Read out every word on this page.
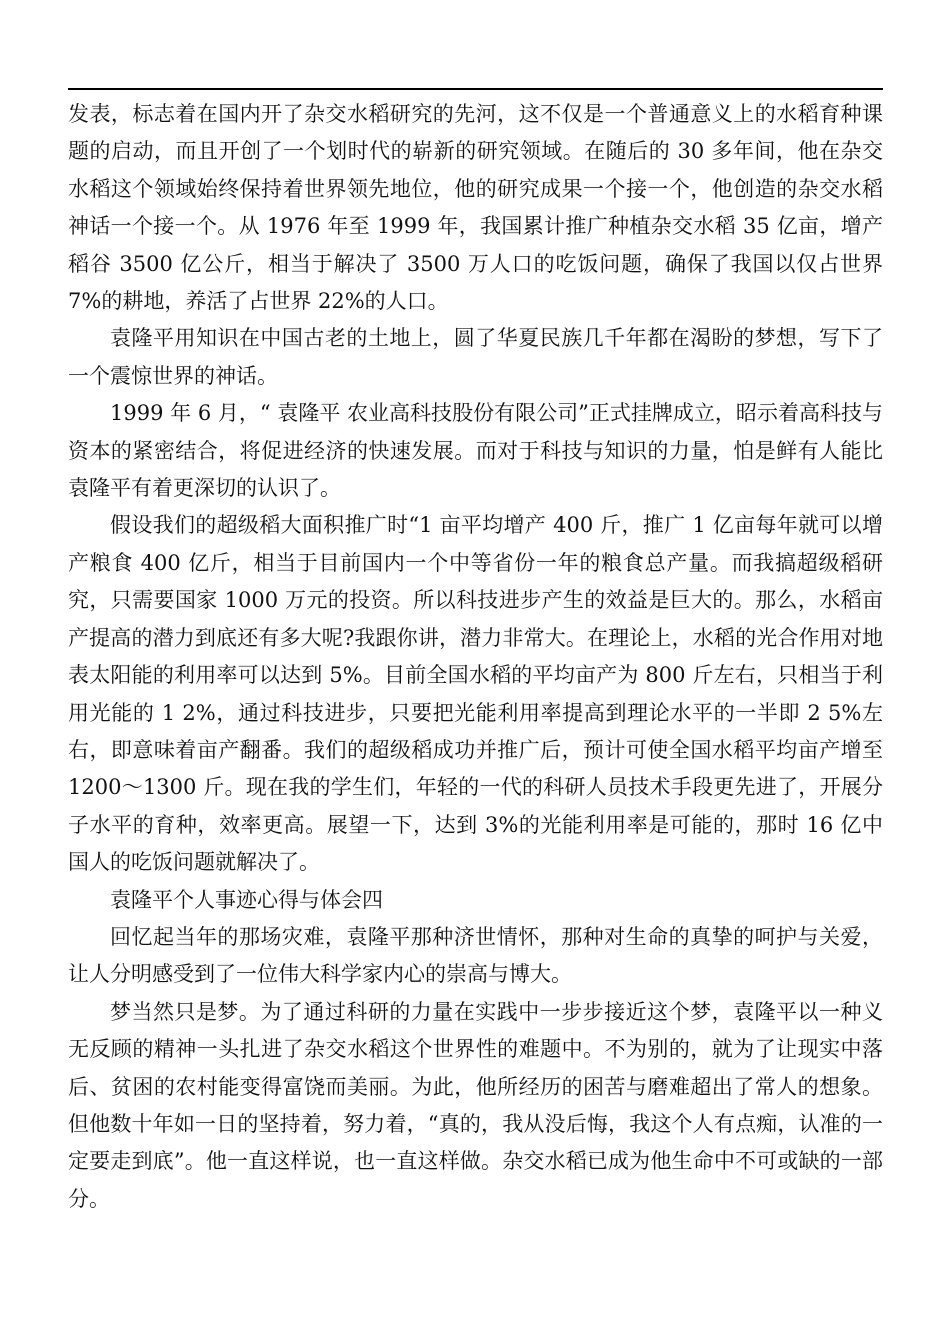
发表，标志着在国内开了杂交水稻研究的先河，这不仅是一个普通意义上的水稻育种课题的启动，而且开创了一个划时代的崭新的研究领域。在随后的 30 多年间，他在杂交水稻这个领域始终保持着世界领先地位，他的研究成果一个接一个，他创造的杂交水稻神话一个接一个。从 1976 年至 1999 年，我国累计推广种植杂交水稻 35 亿亩，增产稻谷 3500 亿公斤，相当于解决了 3500 万人口的吃饭问题，确保了我国以仅占世界 7%的耕地，养活了占世界 22%的人口。

袁隆平用知识在中国古老的土地上，圆了华夏民族几千年都在渴盼的梦想，写下了一个震惊世界的神话。

1999 年 6 月，“ 袁隆平 农业高科技股份有限公司”正式挂牌成立，昭示着高科技与资本的紧密结合，将促进经济的快速发展。而对于科技与知识的力量，怕是鲜有人能比袁隆平有着更深切的认识了。

假设我们的超级稻大面积推广时“1 亩平均增产 400 斤，推广 1 亿亩每年就可以增产粮食 400 亿斤，相当于目前国内一个中等省份一年的粮食总产量。而我搞超级稻研究，只需要国家 1000 万元的投资。所以科技进步产生的效益是巨大的。那么，水稻亩产提高的潜力到底还有多大呢?我跟你讲，潜力非常大。在理论上，水稻的光合作用对地表太阳能的利用率可以达到 5%。目前全国水稻的平均亩产为 800 斤左右，只相当于利用光能的 1 2%，通过科技进步，只要把光能利用率提高到理论水平的一半即 2 5%左右，即意味着亩产翻番。我们的超级稻成功并推广后，预计可使全国水稻平均亩产增至 1200～1300 斤。现在我的学生们，年轻的一代的科研人员技术手段更先进了，开展分子水平的育种，效率更高。展望一下，达到 3%的光能利用率是可能的，那时 16 亿中国人的吃饭问题就解决了。

袁隆平个人事迹心得与体会四

回忆起当年的那场灾难，袁隆平那种济世情怀，那种对生命的真挚的呵护与关爱，让人分明感受到了一位伟大科学家内心的崇高与博大。

梦当然只是梦。为了通过科研的力量在实践中一步步接近这个梦，袁隆平以一种义无反顾的精神一头扎进了杂交水稻这个世界性的难题中。不为别的，就为了让现实中落后、贫困的农村能变得富饶而美丽。为此，他所经历的困苦与磨难超出了常人的想象。但他数十年如一日的坚持着，努力着，“真的，我从没后悔，我这个人有点痴，认准的一定要走到底”。他一直这样说，也一直这样做。杂交水稻已成为他生命中不可或缺的一部分。
